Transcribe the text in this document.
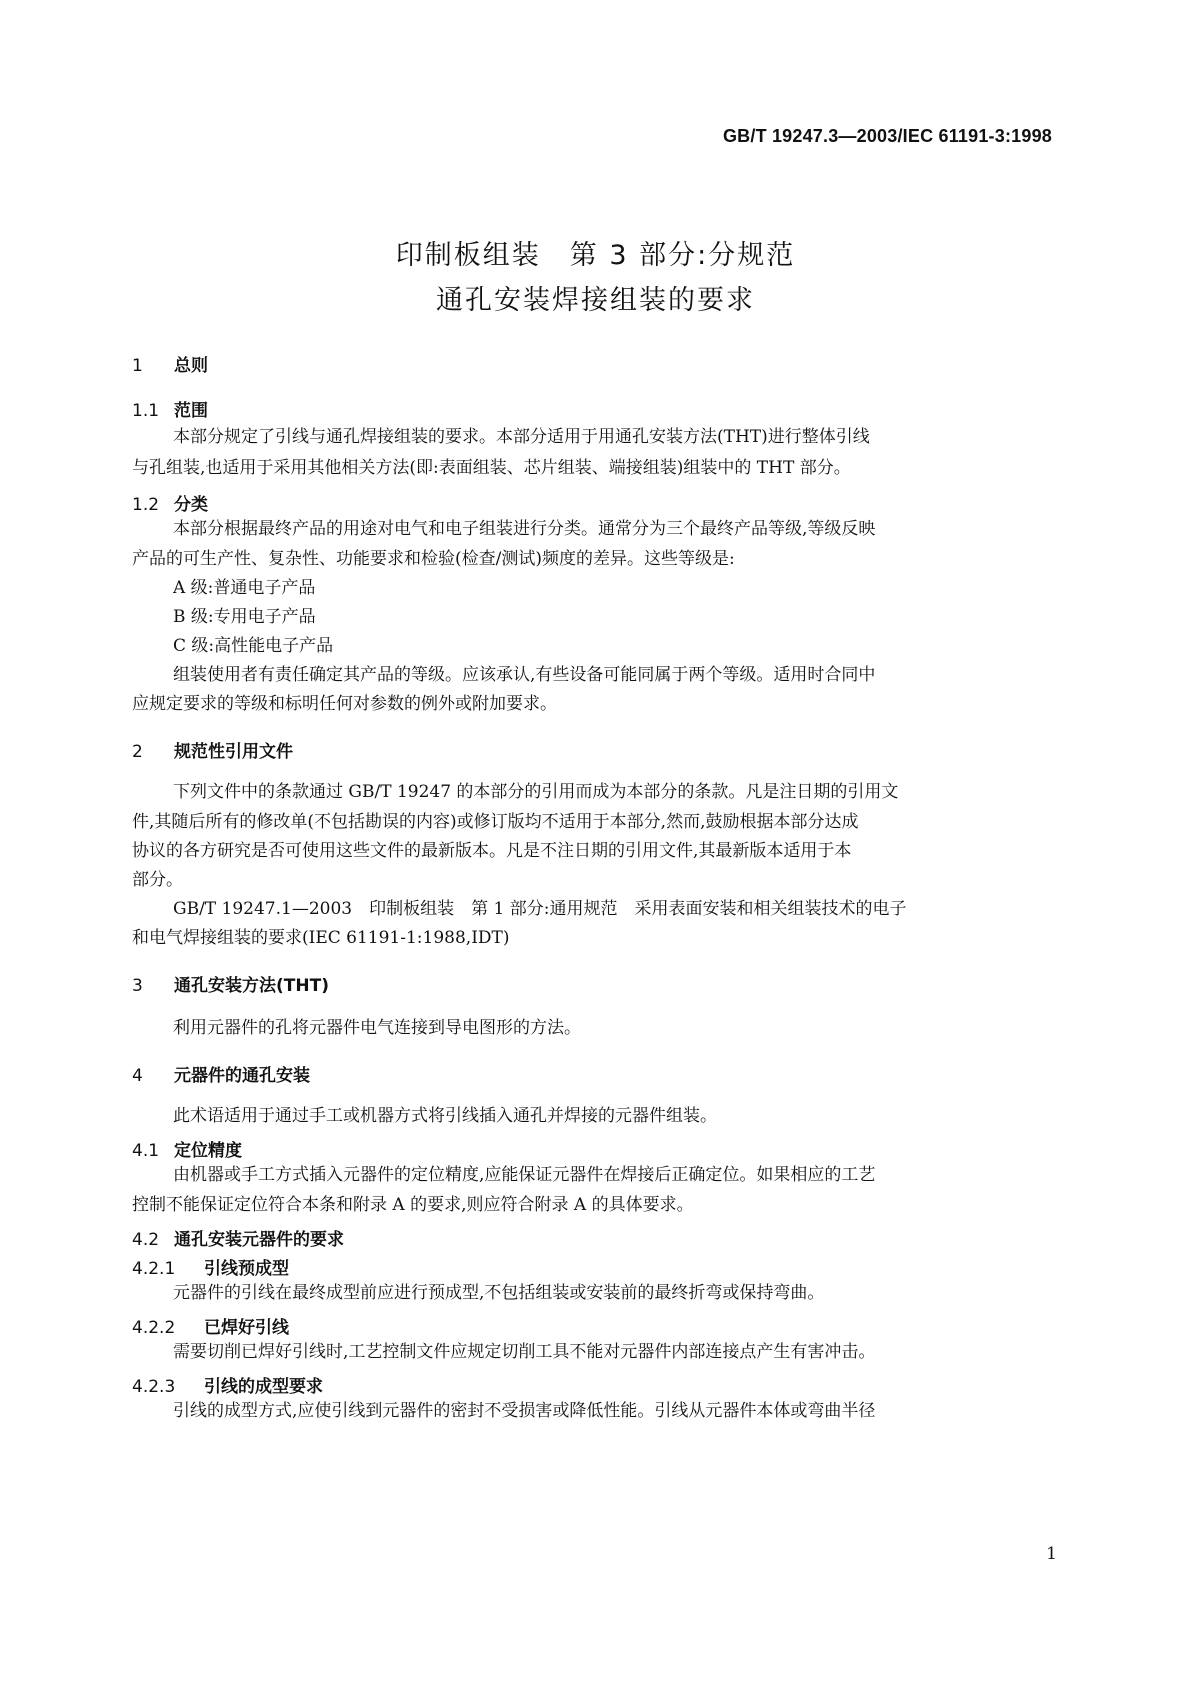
GB/T 19247.3—2003/IEC 61191-3:1998
印制板组装　第 3 部分:分规范
通孔安装焊接组装的要求
1 总则
1.1 范围
本部分规定了引线与通孔焊接组装的要求。本部分适用于用通孔安装方法(THT)进行整体引线
与孔组装,也适用于采用其他相关方法(即:表面组装、芯片组装、端接组装)组装中的 THT 部分。
1.2 分类
本部分根据最终产品的用途对电气和电子组装进行分类。通常分为三个最终产品等级,等级反映
产品的可生产性、复杂性、功能要求和检验(检查/测试)频度的差异。这些等级是:
A 级:普通电子产品
B 级:专用电子产品
C 级:高性能电子产品
组装使用者有责任确定其产品的等级。应该承认,有些设备可能同属于两个等级。适用时合同中
应规定要求的等级和标明任何对参数的例外或附加要求。
2 规范性引用文件
下列文件中的条款通过 GB/T 19247 的本部分的引用而成为本部分的条款。凡是注日期的引用文
件,其随后所有的修改单(不包括勘误的内容)或修订版均不适用于本部分,然而,鼓励根据本部分达成
协议的各方研究是否可使用这些文件的最新版本。凡是不注日期的引用文件,其最新版本适用于本
部分。
GB/T 19247.1—2003　印制板组装　第 1 部分:通用规范　采用表面安装和相关组装技术的电子
和电气焊接组装的要求(IEC 61191-1:1988,IDT)
3 通孔安装方法(THT)
利用元器件的孔将元器件电气连接到导电图形的方法。
4 元器件的通孔安装
此术语适用于通过手工或机器方式将引线插入通孔并焊接的元器件组装。
4.1 定位精度
由机器或手工方式插入元器件的定位精度,应能保证元器件在焊接后正确定位。如果相应的工艺
控制不能保证定位符合本条和附录 A 的要求,则应符合附录 A 的具体要求。
4.2 通孔安装元器件的要求
4.2.1 引线预成型
元器件的引线在最终成型前应进行预成型,不包括组装或安装前的最终折弯或保持弯曲。
4.2.2 已焊好引线
需要切削已焊好引线时,工艺控制文件应规定切削工具不能对元器件内部连接点产生有害冲击。
4.2.3 引线的成型要求
引线的成型方式,应使引线到元器件的密封不受损害或降低性能。引线从元器件本体或弯曲半径
1
